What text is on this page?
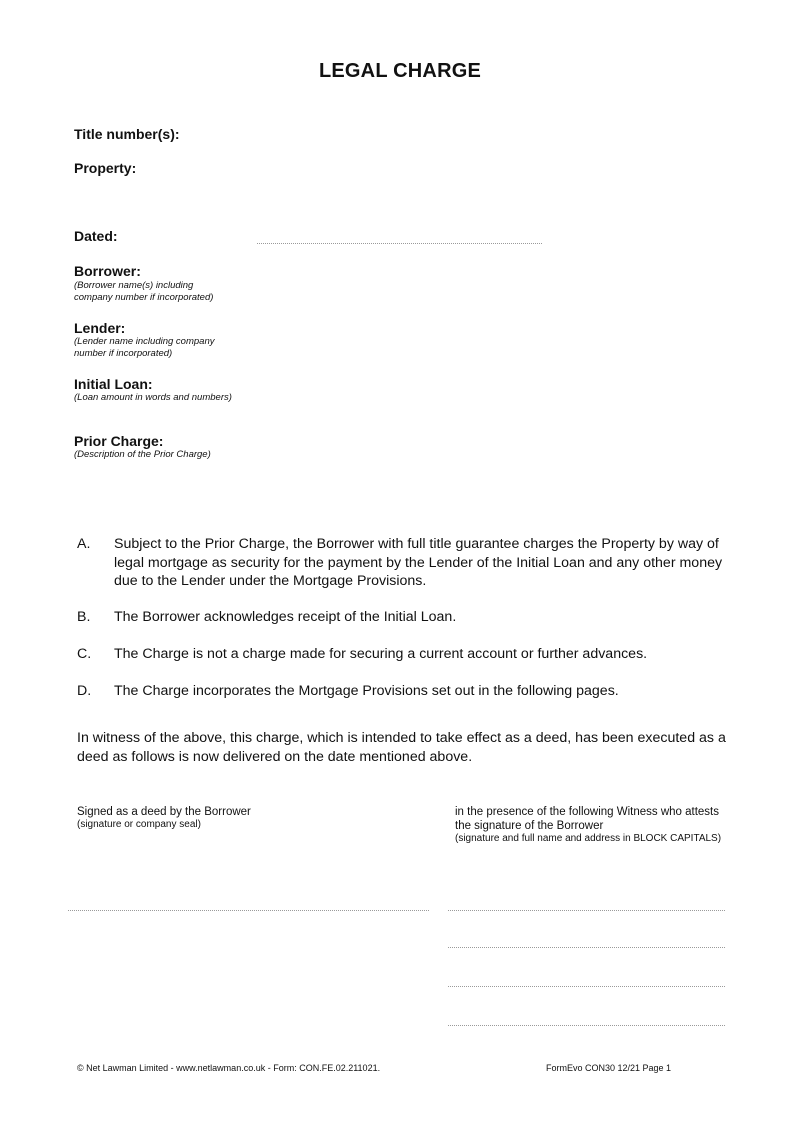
LEGAL CHARGE
Title number(s):
Property:
Dated:
Borrower:
(Borrower name(s) including company number if incorporated)
Lender:
(Lender name including company number if incorporated)
Initial Loan:
(Loan amount in words and numbers)
Prior Charge:
(Description of the Prior Charge)
A. Subject to the Prior Charge, the Borrower with full title guarantee charges the Property by way of legal mortgage as security for the payment by the Lender of the Initial Loan and any other money due to the Lender under the Mortgage Provisions.
B. The Borrower acknowledges receipt of the Initial Loan.
C. The Charge is not a charge made for securing a current account or further advances.
D. The Charge incorporates the Mortgage Provisions set out in the following pages.
In witness of the above, this charge, which is intended to take effect as a deed, has been executed as a deed as follows is now delivered on the date mentioned above.
Signed as a deed by the Borrower
(signature or company seal)
in the presence of the following Witness who attests the signature of the Borrower
(signature and full name and address in BLOCK CAPITALS)
© Net Lawman Limited - www.netlawman.co.uk - Form: CON.FE.02.211021.	FormEvo CON30 12/21 Page 1
